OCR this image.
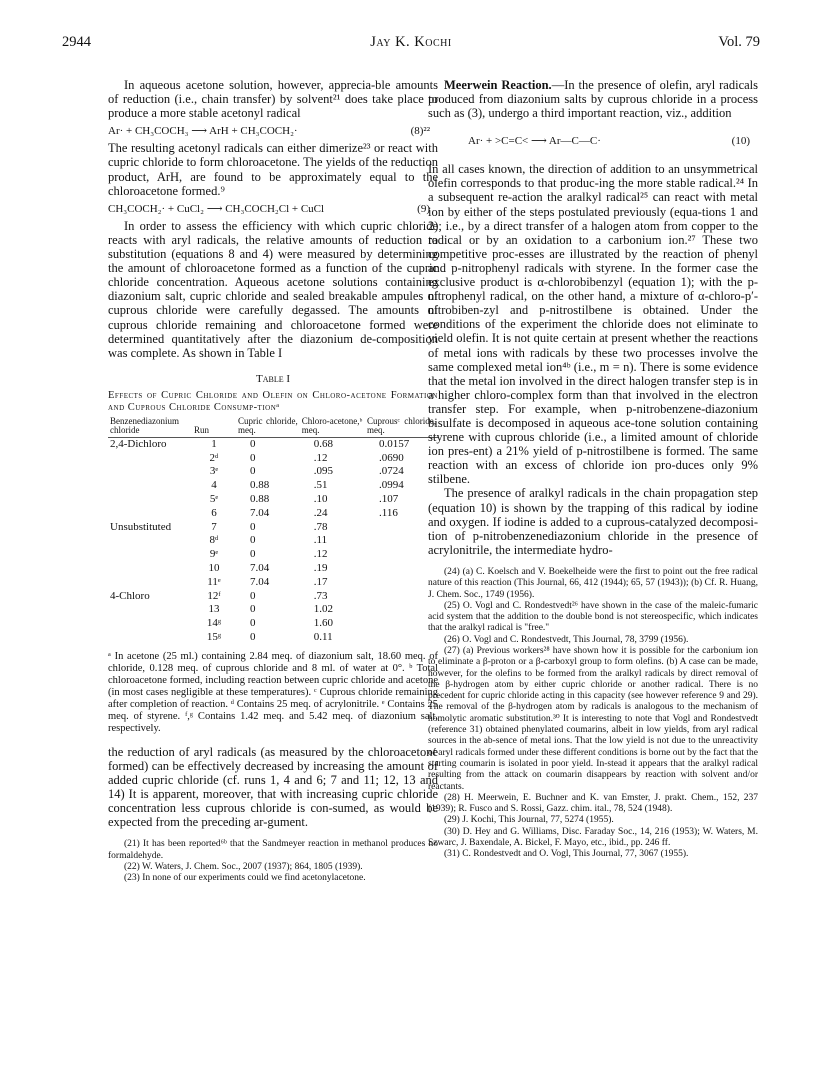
2944	Jay K. Kochi	Vol. 79

In aqueous acetone solution, however, apprecia-ble amounts of reduction (i.e., chain transfer) by solvent²¹ does take place to produce a more stable acetonyl radical

Ar· + CH₃COCH₃ ⟶ ArH + CH₃COCH₂·	(8)²²

The resulting acetonyl radicals can either dimerize²³ or react with cupric chloride to form chloroacetone. The yields of the reduction product, ArH, are found to be approximately equal to the chloroacetone formed.⁹

CH₃COCH₂· + CuCl₂ ⟶ CH₃COCH₂Cl + CuCl	(9)

In order to assess the efficiency with which cupric chloride reacts with aryl radicals, the relative amounts of reduction to substitution (equations 8 and 4) were measured by determining the amount of chloroacetone formed as a function of the cupric chloride concentration. Aqueous acetone solutions containing diazonium salt, cupric chloride and sealed breakable ampules of cuprous chloride were carefully degassed. The amounts of cuprous chloride remaining and chloroacetone formed were determined quantitatively after the diazonium de-composition was complete. As shown in Table I

Table I
Effects of Cupric Chloride and Olefin on Chloro-acetone Formation and Cuprous Chloride Consump-tionᵃ
Benzenediazonium chloride	Run	Cupric chloride, meq.	Chloro-acetone,ᵇ meq.	Cuprousᶜ chloride, meq.
2,4-Dichloro	1	0	0.68	0.0157
	2ᵈ	0	.12	.0690
	3ᵉ	0	.095	.0724
	4	0.88	.51	.0994
	5ᵉ	0.88	.10	.107
	6	7.04	.24	.116
Unsubstituted	7	0	.78	
	8ᵈ	0	.11	
	9ᵉ	0	.12	
	10	7.04	.19	
	11ᵉ	7.04	.17	
4-Chloro	12ᶠ	0	.73	
	13	0	1.02	
	14ᵍ	0	1.60	
	15ᵍ	0	0.11	
ᵃ In acetone (25 ml.) containing 2.84 meq. of diazonium salt, 18.60 meq. of chloride, 0.128 meq. of cuprous chloride and 8 ml. of water at 0°. ᵇ Total chloroacetone formed, including reaction between cupric chloride and acetone (in most cases negligible at these temperatures). ᶜ Cuprous chloride remaining after completion of reaction. ᵈ Contains 25 meq. of acrylonitrile. ᵉ Contains 25 meq. of styrene. ᶠ,ᵍ Contains 1.42 meq. and 5.42 meq. of diazonium salt, respectively.

the reduction of aryl radicals (as measured by the chloroacetone formed) can be effectively decreased by increasing the amount of added cupric chloride (cf. runs 1, 4 and 6; 7 and 11; 12, 13 and 14) It is apparent, moreover, that with increasing cupric chloride concentration less cuprous chloride is con-sumed, as would be expected from the preceding ar-gument.

(21) It has been reported⁶ᵇ that the Sandmeyer reaction in methanol produces no formaldehyde.

(22) W. Waters, J. Chem. Soc., 2007 (1937); 864, 1805 (1939).

(23) In none of our experiments could we find acetonylacetone.

Meerwein Reaction.—In the presence of olefin, aryl radicals produced from diazonium salts by cuprous chloride in a process such as (3), undergo a third important reaction, viz., addition

Ar· + >C=C< ⟶ Ar—C—C·	(10)

In all cases known, the direction of addition to an unsymmetrical olefin corresponds to that produc-ing the more stable radical.²⁴ In a subsequent re-action the aralkyl radical²⁵ can react with metal ion by either of the steps postulated previously (equa-tions 1 and 2); i.e., by a direct transfer of a halogen atom from copper to the radical or by an oxidation to a carbonium ion.²⁷ These two competitive proc-esses are illustrated by the reaction of phenyl and p-nitrophenyl radicals with styrene. In the former case the exclusive product is α-chlorobibenzyl (equation 1); with the p-nitrophenyl radical, on the other hand, a mixture of α-chloro-p′-nitrobiben-zyl and p-nitrostilbene is obtained. Under the conditions of the experiment the chloride does not eliminate to yield olefin. It is not quite certain at present whether the reactions of metal ions with radicals by these two processes involve the same complexed metal ion⁴ᵇ (i.e., m = n). There is some evidence that the metal ion involved in the direct halogen transfer step is in a higher chloro-complex form than that involved in the electron transfer step. For example, when p-nitrobenzene-diazonium bisulfate is decomposed in aqueous ace-tone solution containing styrene with cuprous chloride (i.e., a limited amount of chloride ion pres-ent) a 21% yield of p-nitrostilbene is formed. The same reaction with an excess of chloride ion pro-duces only 9% stilbene.

The presence of aralkyl radicals in the chain propagation step (equation 10) is shown by the trapping of this radical by iodine and oxygen. If iodine is added to a cuprous-catalyzed decomposi-tion of p-nitrobenzenediazonium chloride in the presence of acrylonitrile, the intermediate hydro-

(24) (a) C. Koelsch and V. Boekelheide were the first to point out the free radical nature of this reaction (This Journal, 66, 412 (1944); 65, 57 (1943)); (b) Cf. R. Huang, J. Chem. Soc., 1749 (1956).

(25) O. Vogl and C. Rondestvedt²⁶ have shown in the case of the maleic-fumaric acid system that the addition to the double bond is not stereospecific, which indicates that the aralkyl radical is "free."

(26) O. Vogl and C. Rondestvedt, This Journal, 78, 3799 (1956).

(27) (a) Previous workers²⁸ have shown how it is possible for the carbonium ion to eliminate a β-proton or a β-carboxyl group to form olefins. (b) A case can be made, however, for the olefins to be formed from the aralkyl radicals by direct removal of the β-hydrogen atom by either cupric chloride or another radical. There is no precedent for cupric chloride acting in this capacity (see however reference 9 and 29). The removal of the β-hydrogen atom by radicals is analogous to the mechanism of homolytic aromatic substitution.³⁰ It is interesting to note that Vogl and Rondestvedt (reference 31) obtained phenylated coumarins, albeit in low yields, from aryl radical sources in the ab-sence of metal ions. That the low yield is not due to the unreactivity of aryl radicals formed under these different conditions is borne out by the fact that the starting coumarin is isolated in poor yield. In-stead it appears that the aralkyl radical resulting from the attack on coumarin disappears by reaction with solvent and/or reactants.

(28) H. Meerwein, E. Buchner and K. van Emster, J. prakt. Chem., 152, 237 (1939); R. Fusco and S. Rossi, Gazz. chim. ital., 78, 524 (1948).

(29) J. Kochi, This Journal, 77, 5274 (1955).

(30) D. Hey and G. Williams, Disc. Faraday Soc., 14, 216 (1953); W. Waters, M. Szwarc, J. Baxendale, A. Bickel, F. Mayo, etc., ibid., pp. 246 ff.

(31) C. Rondestvedt and O. Vogl, This Journal, 77, 3067 (1955).
